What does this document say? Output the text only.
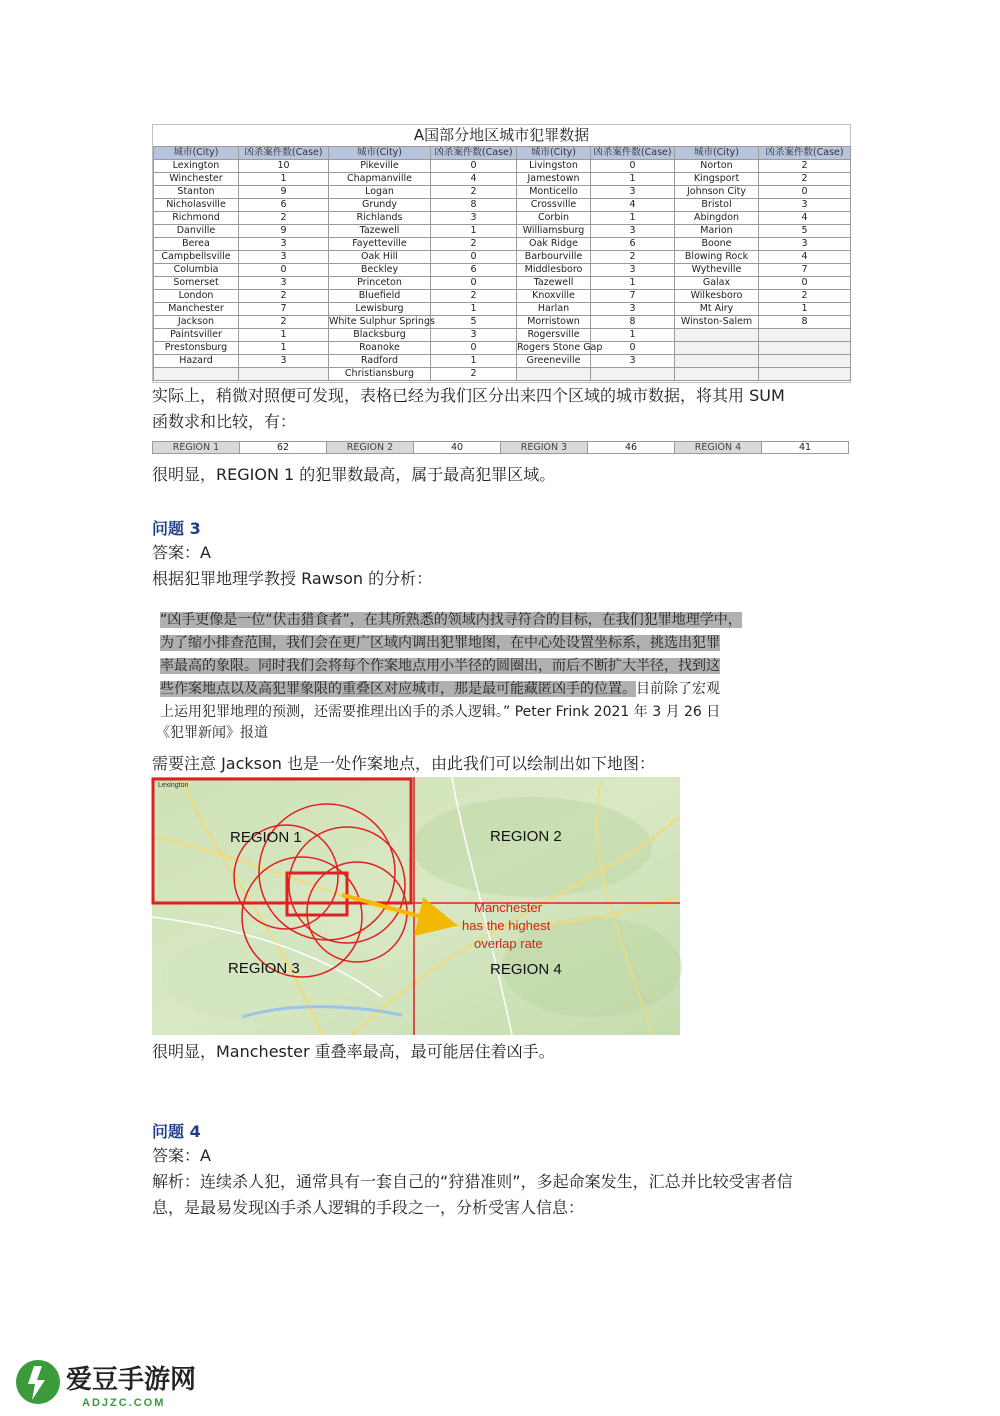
A国部分地区城市犯罪数据
城市(City)	凶杀案件数(Case)	城市(City)	凶杀案件数(Case)	城市(City)	凶杀案件数(Case)	城市(City)	凶杀案件数(Case)
Lexington	10	Pikeville	0	Livingston	0	Norton	2
Winchester	1	Chapmanville	4	Jamestown	1	Kingsport	2
Stanton	9	Logan	2	Monticello	3	Johnson City	0
Nicholasville	6	Grundy	8	Crossville	4	Bristol	3
Richmond	2	Richlands	3	Corbin	1	Abingdon	4
Danville	9	Tazewell	1	Williamsburg	3	Marion	5
Berea	3	Fayetteville	2	Oak Ridge	6	Boone	3
Campbellsville	3	Oak Hill	0	Barbourville	2	Blowing Rock	4
Columbia	0	Beckley	6	Middlesboro	3	Wytheville	7
Somerset	3	Princeton	0	Tazewell	1	Galax	0
London	2	Bluefield	2	Knoxville	7	Wilkesboro	2
Manchester	7	Lewisburg	1	Harlan	3	Mt Airy	1
Jackson	2	White Sulphur Springs	5	Morristown	8	Winston-Salem	8
Paintsviller	1	Blacksburg	3	Rogersville	1		
Prestonsburg	1	Roanoke	0	Rogers Stone Gap	0		
Hazard	3	Radford	1	Greeneville	3		
		Christiansburg	2				
实际上，稍微对照便可发现，表格已经为我们区分出来四个区域的城市数据，将其用 SUM
函数求和比较，有：
REGION 1	62	REGION 2	40	REGION 3	46	REGION 4	41
很明显，REGION 1 的犯罪数最高，属于最高犯罪区域。
问题 3
答案：A
根据犯罪地理学教授 Rawson 的分析：
“凶手更像是一位“伏击猎食者”，在其所熟悉的领域内找寻符合的目标，在我们犯罪地理学中，
为了缩小排查范围，我们会在更广区域内调出犯罪地图，在中心处设置坐标系，挑选出犯罪
率最高的象限。同时我们会将每个作案地点用小半径的圆圈出，而后不断扩大半径，找到这
些作案地点以及高犯罪象限的重叠区对应城市，那是最可能藏匿凶手的位置。目前除了宏观
上运用犯罪地理的预测，还需要推理出凶手的杀人逻辑。” Peter Frink 2021 年 3 月 26 日
《犯罪新闻》报道
需要注意 Jackson 也是一处作案地点，由此我们可以绘制出如下地图：
Lexington
REGION 1	REGION 2
REGION 3	REGION 4
Manchester
has the highest
overlap rate
很明显，Manchester 重叠率最高，最可能居住着凶手。
问题 4
答案：A
解析：连续杀人犯，通常具有一套自己的“狩猎准则”，多起命案发生，汇总并比较受害者信
息，是最易发现凶手杀人逻辑的手段之一，分析受害人信息：
爱豆手游网
ADJZC.COM
